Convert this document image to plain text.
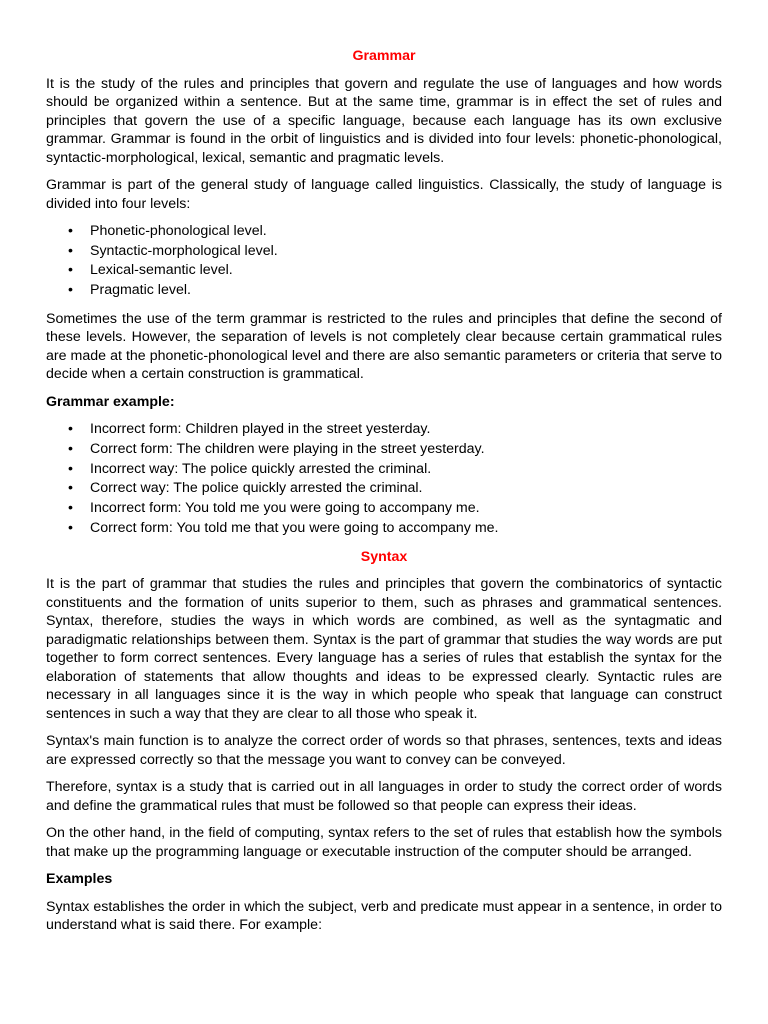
Grammar

It is the study of the rules and principles that govern and regulate the use of languages and how words should be organized within a sentence. But at the same time, grammar is in effect the set of rules and principles that govern the use of a specific language, because each language has its own exclusive grammar. Grammar is found in the orbit of linguistics and is divided into four levels: phonetic-phonological, syntactic-morphological, lexical, semantic and pragmatic levels.

Grammar is part of the general study of language called linguistics. Classically, the study of language is divided into four levels:

• Phonetic-phonological level.
• Syntactic-morphological level.
• Lexical-semantic level.
• Pragmatic level.

Sometimes the use of the term grammar is restricted to the rules and principles that define the second of these levels. However, the separation of levels is not completely clear because certain grammatical rules are made at the phonetic-phonological level and there are also semantic parameters or criteria that serve to decide when a certain construction is grammatical.

Grammar example:
• Incorrect form: Children played in the street yesterday.
• Correct form: The children were playing in the street yesterday.
• Incorrect way: The police quickly arrested the criminal.
• Correct way: The police quickly arrested the criminal.
• Incorrect form: You told me you were going to accompany me.
• Correct form: You told me that you were going to accompany me.
Syntax

It is the part of grammar that studies the rules and principles that govern the combinatorics of syntactic constituents and the formation of units superior to them, such as phrases and grammatical sentences. Syntax, therefore, studies the ways in which words are combined, as well as the syntagmatic and paradigmatic relationships between them. Syntax is the part of grammar that studies the way words are put together to form correct sentences. Every language has a series of rules that establish the syntax for the elaboration of statements that allow thoughts and ideas to be expressed clearly. Syntactic rules are necessary in all languages since it is the way in which people who speak that language can construct sentences in such a way that they are clear to all those who speak it.

Syntax's main function is to analyze the correct order of words so that phrases, sentences, texts and ideas are expressed correctly so that the message you want to convey can be conveyed.

Therefore, syntax is a study that is carried out in all languages in order to study the correct order of words and define the grammatical rules that must be followed so that people can express their ideas.

On the other hand, in the field of computing, syntax refers to the set of rules that establish how the symbols that make up the programming language or executable instruction of the computer should be arranged.

Examples

Syntax establishes the order in which the subject, verb and predicate must appear in a sentence, in order to understand what is said there. For example:
